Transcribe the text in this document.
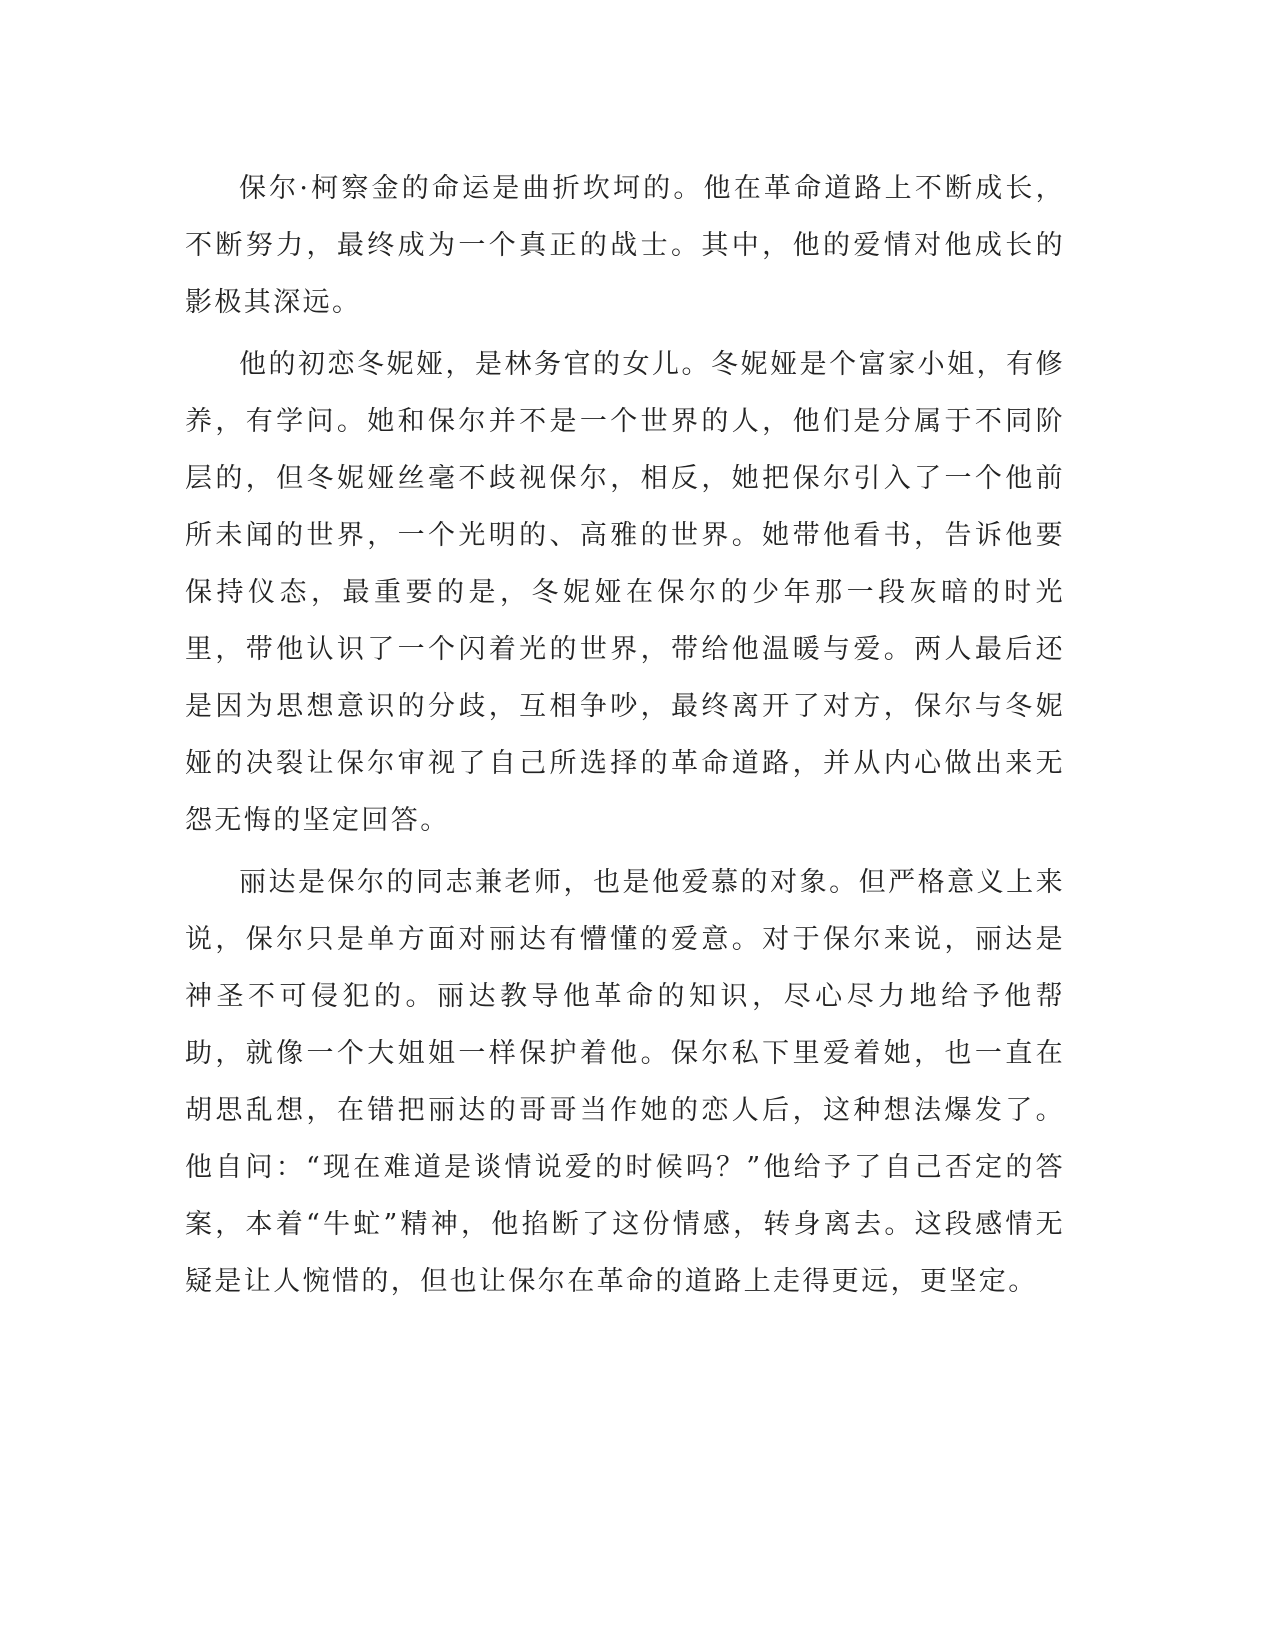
保尔·柯察金的命运是曲折坎坷的。他在革命道路上不断成长，不断努力，最终成为一个真正的战士。其中，他的爱情对他成长的影极其深远。

他的初恋冬妮娅，是林务官的女儿。冬妮娅是个富家小姐，有修养，有学问。她和保尔并不是一个世界的人，他们是分属于不同阶层的，但冬妮娅丝毫不歧视保尔，相反，她把保尔引入了一个他前所未闻的世界，一个光明的、高雅的世界。她带他看书，告诉他要保持仪态，最重要的是，冬妮娅在保尔的少年那一段灰暗的时光里，带他认识了一个闪着光的世界，带给他温暖与爱。两人最后还是因为思想意识的分歧，互相争吵，最终离开了对方，保尔与冬妮娅的决裂让保尔审视了自己所选择的革命道路，并从内心做出来无怨无悔的坚定回答。

丽达是保尔的同志兼老师，也是他爱慕的对象。但严格意义上来说，保尔只是单方面对丽达有懵懂的爱意。对于保尔来说，丽达是神圣不可侵犯的。丽达教导他革命的知识，尽心尽力地给予他帮助，就像一个大姐姐一样保护着他。保尔私下里爱着她，也一直在胡思乱想，在错把丽达的哥哥当作她的恋人后，这种想法爆发了。他自问：“现在难道是谈情说爱的时候吗？”他给予了自己否定的答案，本着“牛虻”精神，他掐断了这份情感，转身离去。这段感情无疑是让人惋惜的，但也让保尔在革命的道路上走得更远，更坚定。
